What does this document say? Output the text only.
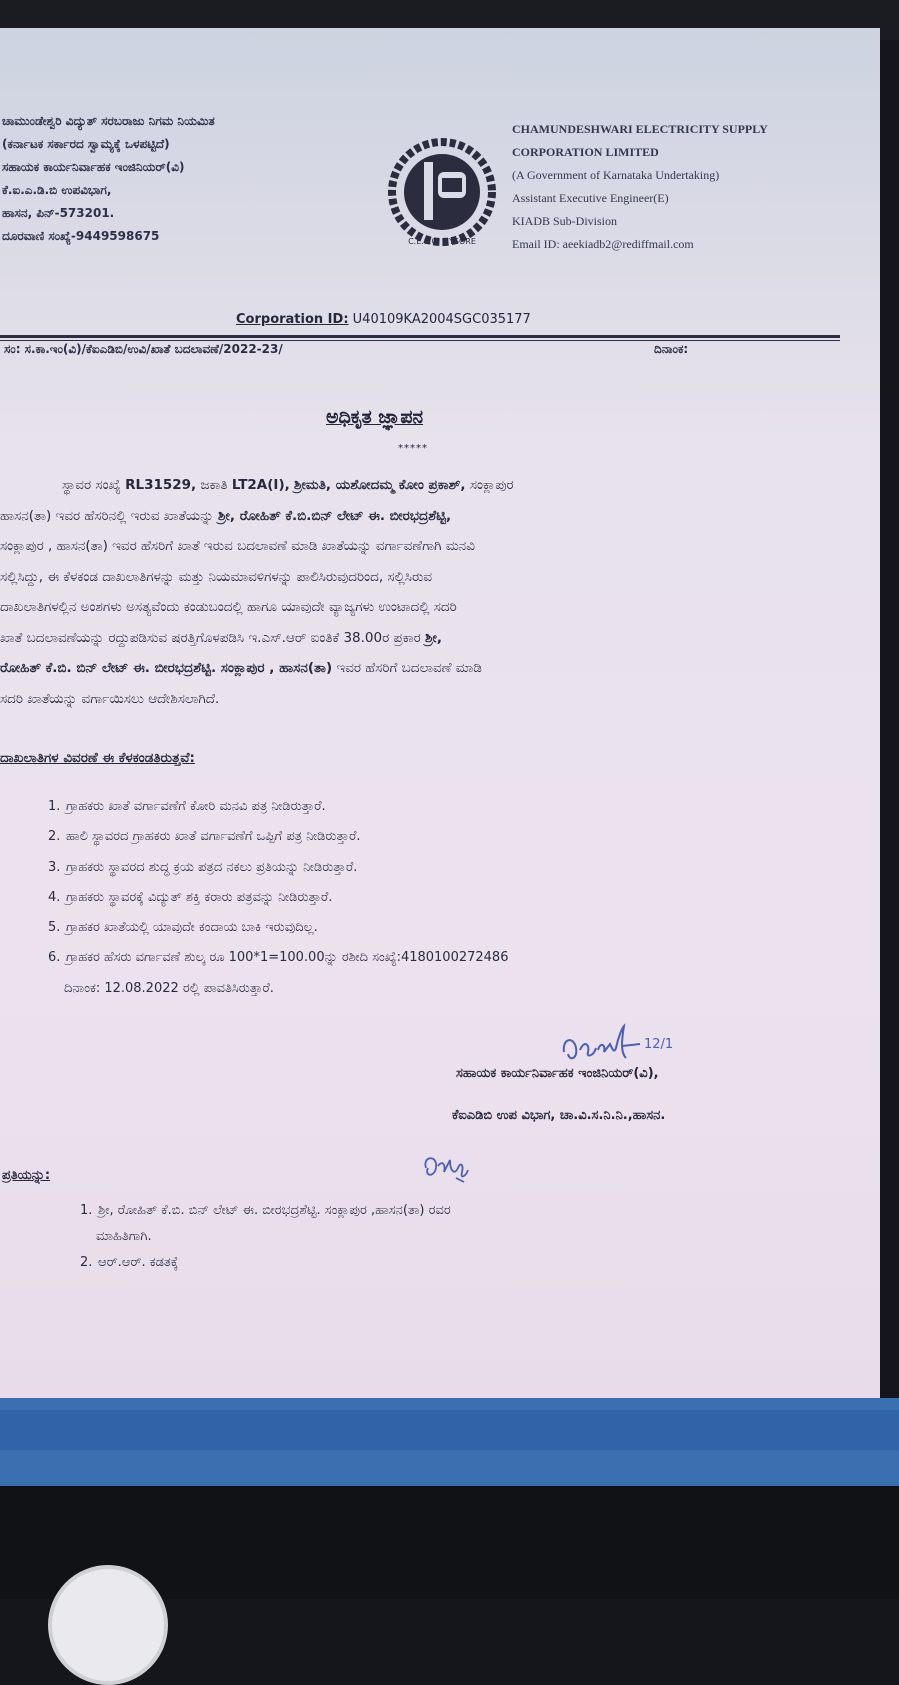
ಚಾಮುಂಡೇಶ್ವರಿ ವಿದ್ಯುತ್ ಸರಬರಾಜು ನಿಗಮ ನಿಯಮಿತ
(ಕರ್ನಾಟಕ ಸರ್ಕಾರದ ಸ್ವಾಮ್ಯಕ್ಕೆ ಒಳಪಟ್ಟಿದೆ)
ಸಹಾಯಕ ಕಾರ್ಯನಿರ್ವಾಹಕ ಇಂಜಿನಿಯರ್(ವಿ)
ಕೆ.ಐ.ಎ.ಡಿ.ಬಿ ಉಪವಿಭಾಗ,
ಹಾಸನ, ಪಿನ್-573201.
ದೂರವಾಣಿ ಸಂಖ್ಯೆ-9449598675	C.E.S.C. MYSORE
CHAMUNDESHWARI ELECTRICITY SUPPLY
CORPORATION LIMITED
(A Government of Karnataka Undertaking)
Assistant Executive Engineer(E)
KIADB Sub-Division
Email ID: aeekiadb2@rediffmail.com
Corporation ID: U40109KA2004SGC035177
ಸಂ: ಸ.ಕಾ.ಇಂ(ವಿ)/ಕೆಐಎಡಿಬಿ/ಉವಿ/ಖಾತೆ ಬದಲಾವಣೆ/2022-23/	ದಿನಾಂಕ:
ಅಧಿಕೃತ ಜ್ಞಾಪನ
*****
ಸ್ಥಾವರ ಸಂಖ್ಯೆ RL31529, ಜಕಾತಿ LT2A(I), ಶ್ರೀಮತಿ, ಯಶೋದಮ್ಮ ಕೋಂ ಪ್ರಕಾಶ್, ಸಂಕ್ಲಾಪುರ
ಹಾಸನ(ತಾ) ಇವರ ಹೆಸರಿನಲ್ಲಿ ಇರುವ ಖಾತೆಯನ್ನು ಶ್ರೀ, ರೋಹಿತ್ ಕೆ.ಬಿ.ಬಿನ್ ಲೇಟ್ ಈ. ಬೀರಭದ್ರಶೆಟ್ಟಿ,
ಸಂಕ್ಲಾಪುರ , ಹಾಸನ(ತಾ) ಇವರ ಹೆಸರಿಗೆ ಖಾತೆ ಇರುವ ಬದಲಾವಣೆ ಮಾಡಿ ಖಾತೆಯನ್ನು ವರ್ಗಾವಣೆಗಾಗಿ ಮನವಿ
ಸಲ್ಲಿಸಿದ್ದು, ಈ ಕೆಳಕಂಡ ದಾಖಲಾತಿಗಳನ್ನು ಮತ್ತು ನಿಯಮಾವಳಿಗಳನ್ನು ಪಾಲಿಸಿರುವುದರಿಂದ, ಸಲ್ಲಿಸಿರುವ
ದಾಖಲಾತಿಗಳಲ್ಲಿನ ಅಂಶಗಳು ಅಸತ್ಯವೆಂದು ಕಂಡುಬಂದಲ್ಲಿ ಹಾಗೂ ಯಾವುದೇ ವ್ಯಾಜ್ಯಗಳು ಉಂಟಾದಲ್ಲಿ ಸದರಿ
ಖಾತೆ ಬದಲಾವಣೆಯನ್ನು ರದ್ದುಪಡಿಸುವ ಷರತ್ತಿಗೊಳಪಡಿಸಿ ಇ.ಎಸ್.ಆರ್ ಐಂತಿಕೆ 38.00ರ ಪ್ರಕಾರ ಶ್ರೀ,
ರೋಹಿತ್ ಕೆ.ಬಿ. ಬಿನ್ ಲೇಟ್ ಈ. ಬೀರಭದ್ರಶೆಟ್ಟಿ. ಸಂಕ್ಲಾಪುರ , ಹಾಸನ(ತಾ) ಇವರ ಹೆಸರಿಗೆ ಬದಲಾವಣೆ ಮಾಡಿ
ಸದರಿ ಖಾತೆಯನ್ನು ವರ್ಗಾಯಿಸಲು ಆದೇಶಿಸಲಾಗಿದೆ.
ದಾಖಲಾತಿಗಳ ವಿವರಣೆ ಈ ಕೆಳಕಂಡತಿರುತ್ತವೆ:
1. ಗ್ರಾಹಕರು ಖಾತೆ ವರ್ಗಾವಣೆಗೆ ಕೋರಿ ಮನವಿ ಪತ್ರ ನೀಡಿರುತ್ತಾರೆ.
2. ಹಾಲಿ ಸ್ಥಾವರದ ಗ್ರಾಹಕರು ಖಾತೆ ವರ್ಗಾವಣೆಗೆ ಒಪ್ಪಿಗೆ ಪತ್ರ ನೀಡಿರುತ್ತಾರೆ.
3. ಗ್ರಾಹಕರು ಸ್ಥಾವರದ ಶುದ್ಧ ಕ್ರಯ ಪತ್ರದ ನಕಲು ಪ್ರತಿಯನ್ನು ನೀಡಿರುತ್ತಾರೆ.
4. ಗ್ರಾಹಕರು ಸ್ಥಾವರಕ್ಕೆ ವಿದ್ಯುತ್ ಶಕ್ತಿ ಕರಾರು ಪತ್ರವನ್ನು ನೀಡಿರುತ್ತಾರೆ.
5. ಗ್ರಾಹಕರ ಖಾತೆಯಲ್ಲಿ ಯಾವುದೇ ಕಂದಾಯ ಬಾಕಿ ಇರುವುದಿಲ್ಲ.
6. ಗ್ರಾಹಕರ ಹೆಸರು ವರ್ಗಾವಣೆ ಶುಲ್ಕ ರೂ 100*1=100.00ನ್ನು ರಶೀದಿ ಸಂಖ್ಯೆ:4180100272486
ದಿನಾಂಕ: 12.08.2022 ರಲ್ಲಿ ಪಾವತಿಸಿರುತ್ತಾರೆ.
12/1
ಸಹಾಯಕ ಕಾರ್ಯನಿರ್ವಾಹಕ ಇಂಜಿನಿಯರ್(ವಿ),
ಕೆಐಎಡಿಬಿ ಉಪ ವಿಭಾಗ, ಚಾ.ವಿ.ಸ.ನಿ.ನಿ.,ಹಾಸನ.
ಪ್ರತಿಯನ್ನು:
1. ಶ್ರೀ, ರೋಹಿತ್ ಕೆ.ಬಿ. ಬಿನ್ ಲೇಟ್ ಈ. ಬೀರಭದ್ರಶೆಟ್ಟಿ. ಸಂಕ್ಲಾಪುರ ,ಹಾಸನ(ತಾ) ರವರ
ಮಾಹಿತಿಗಾಗಿ.
2. ಆರ್.ಆರ್. ಕಡತಕ್ಕೆ
